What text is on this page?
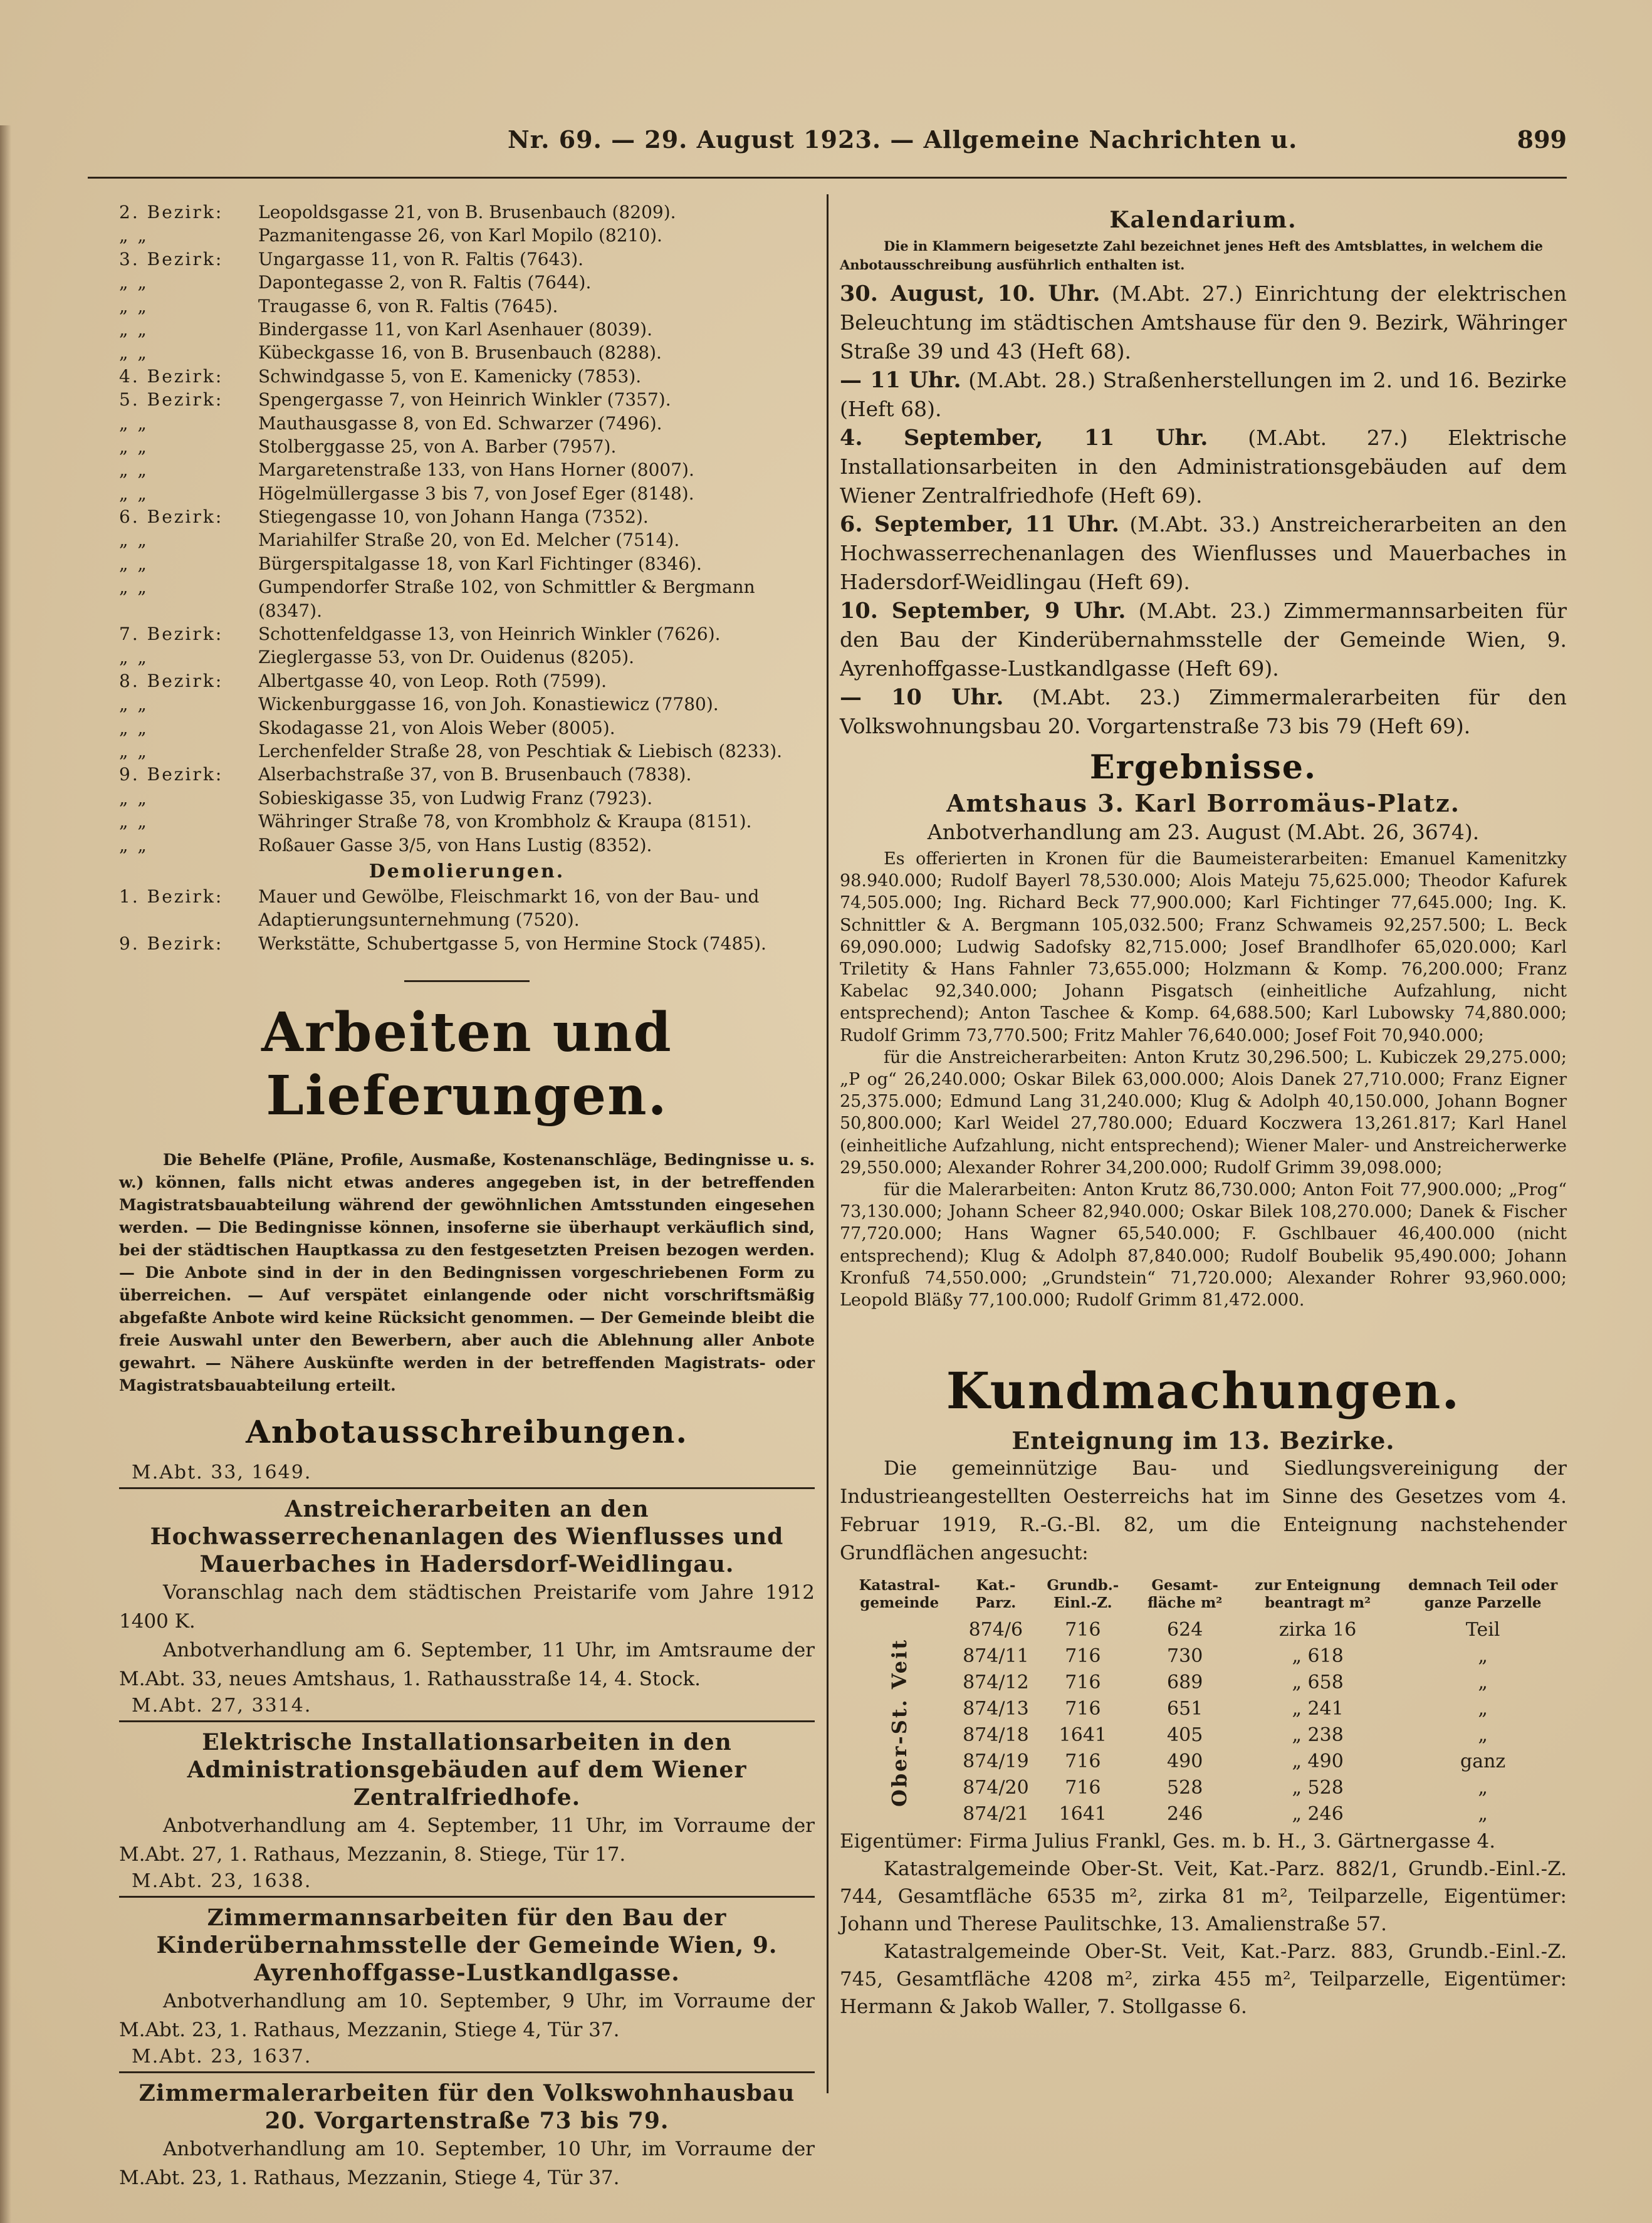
Nr. 69. — 29. August 1923. — Allgemeine Nachrichten u.	899
2. Bezirk: Leopoldsgasse 21, von B. Brusenbauch (8209).
„ „	Pazmanitengasse 26, von Karl Mopilo (8210).
3. Bezirk: Ungargasse 11, von R. Faltis (7643).
„ „	Dapontegasse 2, von R. Faltis (7644).
„ „	Traugasse 6, von R. Faltis (7645).
„ „	Bindergasse 11, von Karl Asenhauer (8039).
„ „	Kübeckgasse 16, von B. Brusenbauch (8288).
4. Bezirk: Schwindgasse 5, von E. Kamenicky (7853).
5. Bezirk: Spengergasse 7, von Heinrich Winkler (7357).
„ „	Mauthausgasse 8, von Ed. Schwarzer (7496).
„ „	Stolberggasse 25, von A. Barber (7957).
„ „	Margaretenstraße 133, von Hans Horner (8007).
„ „	Högelmüllergasse 3 bis 7, von Josef Eger (8148).
6. Bezirk: Stiegengasse 10, von Johann Hanga (7352).
„ „	Mariahilfer Straße 20, von Ed. Melcher (7514).
„ „	Bürgerspitalgasse 18, von Karl Fichtinger (8346).
„ „	Gumpendorfer Straße 102, von Schmittler & Bergmann (8347).
7. Bezirk: Schottenfeldgasse 13, von Heinrich Winkler (7626).
„ „	Zieglergasse 53, von Dr. Ouidenus (8205).
8. Bezirk: Albertgasse 40, von Leop. Roth (7599).
„ „	Wickenburggasse 16, von Joh. Konastiewicz (7780).
„ „	Skodagasse 21, von Alois Weber (8005).
„ „	Lerchenfelder Straße 28, von Peschtiak & Liebisch (8233).
9. Bezirk: Alserbachstraße 37, von B. Brusenbauch (7838).
„ „	Sobieskigasse 35, von Ludwig Franz (7923).
„ „	Währinger Straße 78, von Krombholz & Kraupa (8151).
„ „	Roßauer Gasse 3/5, von Hans Lustig (8352).
Demolierungen.
1. Bezirk: Mauer und Gewölbe, Fleischmarkt 16, von der Bau- und Adaptierungsunternehmung (7520).
9. Bezirk: Werkstätte, Schubertgasse 5, von Hermine Stock (7485).
Arbeiten und Lieferungen.
Die Behelfe (Pläne, Profile, Ausmaße, Kostenanschläge, Bedingnisse u. s. w.) können, falls nicht etwas anderes angegeben ist, in der betreffenden Magistratsbauabteilung während der gewöhnlichen Amtsstunden eingesehen werden. — Die Bedingnisse können, insoferne sie überhaupt verkäuflich sind, bei der städtischen Hauptkassa zu den festgesetzten Preisen bezogen werden. — Die Anbote sind in der in den Bedingnissen vorgeschriebenen Form zu überreichen. — Auf verspätet einlangende oder nicht vorschriftsmäßig abgefaßte Anbote wird keine Rücksicht genommen. — Der Gemeinde bleibt die freie Auswahl unter den Bewerbern, aber auch die Ablehnung aller Anbote gewahrt. — Nähere Auskünfte werden in der betreffenden Magistrats- oder Magistratsbauabteilung erteilt.
Anbotausschreibungen.
M.Abt. 33, 1649.
Anstreicherarbeiten an den Hochwasserrechenanlagen des Wienflusses und Mauerbaches in Hadersdorf-Weidlingau.
Voranschlag nach dem städtischen Preistarife vom Jahre 1912 1400 K.
Anbotverhandlung am 6. September, 11 Uhr, im Amtsraume der M.Abt. 33, neues Amtshaus, 1. Rathausstraße 14, 4. Stock.
M.Abt. 27, 3314.
Elektrische Installationsarbeiten in den Administrationsgebäuden auf dem Wiener Zentralfriedhofe.
Anbotverhandlung am 4. September, 11 Uhr, im Vorraume der M.Abt. 27, 1. Rathaus, Mezzanin, 8. Stiege, Tür 17.
M.Abt. 23, 1638.
Zimmermannsarbeiten für den Bau der Kinderübernahmsstelle der Gemeinde Wien, 9. Ayrenhoffgasse-Lustkandlgasse.
Anbotverhandlung am 10. September, 9 Uhr, im Vorraume der M.Abt. 23, 1. Rathaus, Mezzanin, Stiege 4, Tür 37.
M.Abt. 23, 1637.
Zimmermalerarbeiten für den Volkswohnhausbau 20. Vorgartenstraße 73 bis 79.
Anbotverhandlung am 10. September, 10 Uhr, im Vorraume der M.Abt. 23, 1. Rathaus, Mezzanin, Stiege 4, Tür 37.
Kalendarium.
Die in Klammern beigesetzte Zahl bezeichnet jenes Heft des Amtsblattes, in welchem die Anbotausschreibung ausführlich enthalten ist.
30. August, 10. Uhr. (M.Abt. 27.) Einrichtung der elektrischen Beleuchtung im städtischen Amtshause für den 9. Bezirk, Währinger Straße 39 und 43 (Heft 68).
— 11 Uhr. (M.Abt. 28.) Straßenherstellungen im 2. und 16. Bezirke (Heft 68).
4. September, 11 Uhr. (M.Abt. 27.) Elektrische Installationsarbeiten in den Administrationsgebäuden auf dem Wiener Zentralfriedhofe (Heft 69).
6. September, 11 Uhr. (M.Abt. 33.) Anstreicherarbeiten an den Hochwasserrechenanlagen des Wienflusses und Mauerbaches in Hadersdorf-Weidlingau (Heft 69).
10. September, 9 Uhr. (M.Abt. 23.) Zimmermannsarbeiten für den Bau der Kinderübernahmsstelle der Gemeinde Wien, 9. Ayrenhoffgasse-Lustkandlgasse (Heft 69).
— 10 Uhr. (M.Abt. 23.) Zimmermalerarbeiten für den Volkswohnungsbau 20. Vorgartenstraße 73 bis 79 (Heft 69).
Ergebnisse.
Amtshaus 3. Karl Borromäus-Platz.
Anbotverhandlung am 23. August (M.Abt. 26, 3674).
Es offerierten in Kronen für die Baumeisterarbeiten: Emanuel Kamenitzky 98.940.000; Rudolf Bayerl 78,530.000; Alois Mateju 75,625.000; Theodor Kafurek 74,505.000; Ing. Richard Beck 77,900.000; Karl Fichtinger 77,645.000; Ing. K. Schnittler & A. Bergmann 105,032.500; Franz Schwameis 92,257.500; L. Beck 69,090.000; Ludwig Sadofsky 82,715.000; Josef Brandlhofer 65,020.000; Karl Triletity & Hans Fahnler 73,655.000; Holzmann & Komp. 76,200.000; Franz Kabelac 92,340.000; Johann Pisgatsch (einheitliche Aufzahlung, nicht entsprechend); Anton Taschee & Komp. 64,688.500; Karl Lubowsky 74,880.000; Rudolf Grimm 73,770.500; Fritz Mahler 76,640.000; Josef Foit 70,940.000;
für die Anstreicherarbeiten: Anton Krutz 30,296.500; L. Kubiczek 29,275.000; „P og“ 26,240.000; Oskar Bilek 63,000.000; Alois Danek 27,710.000; Franz Eigner 25,375.000; Edmund Lang 31,240.000; Klug & Adolph 40,150.000, Johann Bogner 50,800.000; Karl Weidel 27,780.000; Eduard Koczwera 13,261.817; Karl Hanel (einheitliche Aufzahlung, nicht entsprechend); Wiener Maler- und Anstreicherwerke 29,550.000; Alexander Rohrer 34,200.000; Rudolf Grimm 39,098.000;
für die Malerarbeiten: Anton Krutz 86,730.000; Anton Foit 77,900.000; „Prog“ 73,130.000; Johann Scheer 82,940.000; Oskar Bilek 108,270.000; Danek & Fischer 77,720.000; Hans Wagner 65,540.000; F. Gschlbauer 46,400.000 (nicht entsprechend); Klug & Adolph 87,840.000; Rudolf Boubelik 95,490.000; Johann Kronfuß 74,550.000; „Grundstein“ 71,720.000; Alexander Rohrer 93,960.000; Leopold Bläßy 77,100.000; Rudolf Grimm 81,472.000.
Kundmachungen.
Enteignung im 13. Bezirke.
Die gemeinnützige Bau- und Siedlungsvereinigung der Industrieangestellten Oesterreichs hat im Sinne des Gesetzes vom 4. Februar 1919, R.-G.-Bl. 82, um die Enteignung nachstehender Grundflächen angesucht:
Katastral-gemeinde	Kat.-Parz.	Grundb.-Einl.-Z.	Gesamt-fläche m²	zur Enteignung beantragt m²	demnach Teil oder ganze Parzelle
Ober-St. Veit	874/6	716	624	zirka 16	Teil
	874/11	716	730	„ 618	„
	874/12	716	689	„ 658	„
	874/13	716	651	„ 241	„
	874/18	1641	405	„ 238	„
	874/19	716	490	„ 490	ganz
	874/20	716	528	„ 528	„
	874/21	1641	246	„ 246	„
Eigentümer: Firma Julius Frankl, Ges. m. b. H., 3. Gärtnergasse 4.
Katastralgemeinde Ober-St. Veit, Kat.-Parz. 882/1, Grundb.-Einl.-Z. 744, Gesamtfläche 6535 m², zirka 81 m², Teilparzelle, Eigentümer: Johann und Therese Paulitschke, 13. Amalienstraße 57.
Katastralgemeinde Ober-St. Veit, Kat.-Parz. 883, Grundb.-Einl.-Z. 745, Gesamtfläche 4208 m², zirka 455 m², Teilparzelle, Eigentümer: Hermann & Jakob Waller, 7. Stollgasse 6.
